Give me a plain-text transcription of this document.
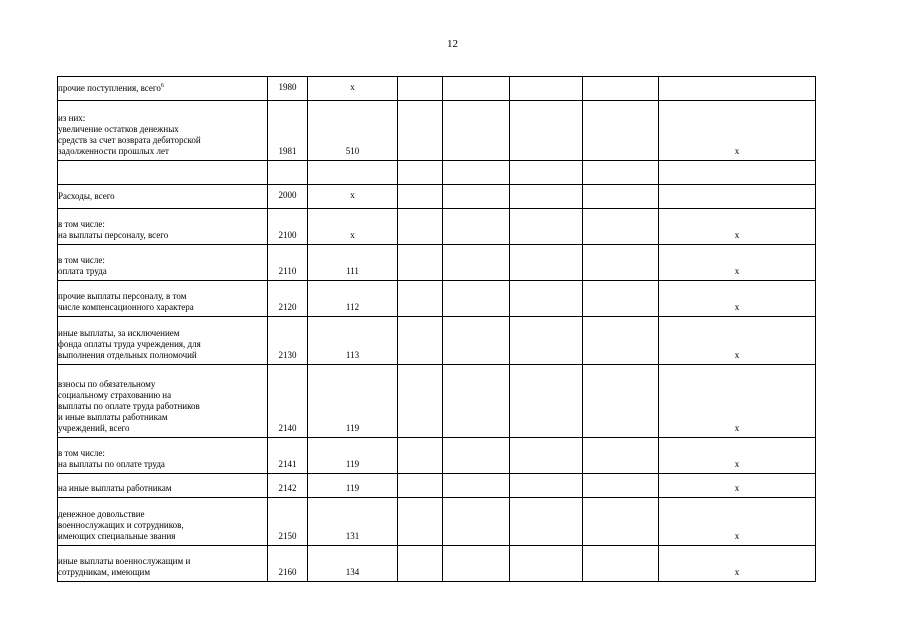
12
прочие поступления, всего$^6$	1980	x					

из них:
увеличение остатков денежных
средств за счет возврата дебиторской
задолженности прошлых лет	1981	510					x

Расходы, всего	2000	x					

в том числе:
на выплаты персоналу, всего	2100	x					x

в том числе:
оплата труда	2110	111					x

прочие выплаты персоналу, в том
числе компенсационного характера	2120	112					x

иные выплаты, за исключением
фонда оплаты труда учреждения, для
выполнения отдельных полномочий	2130	113					x

взносы по обязательному
социальному страхованию на
выплаты по оплате труда работников
и иные выплаты работникам
учреждений, всего	2140	119					x

в том числе:
на выплаты по оплате труда	2141	119					x

на иные выплаты работникам	2142	119					x

денежное довольствие
военнослужащих и сотрудников,
имеющих специальные звания	2150	131					x

иные выплаты военнослужащим и
сотрудникам, имеющим	2160	134					x
